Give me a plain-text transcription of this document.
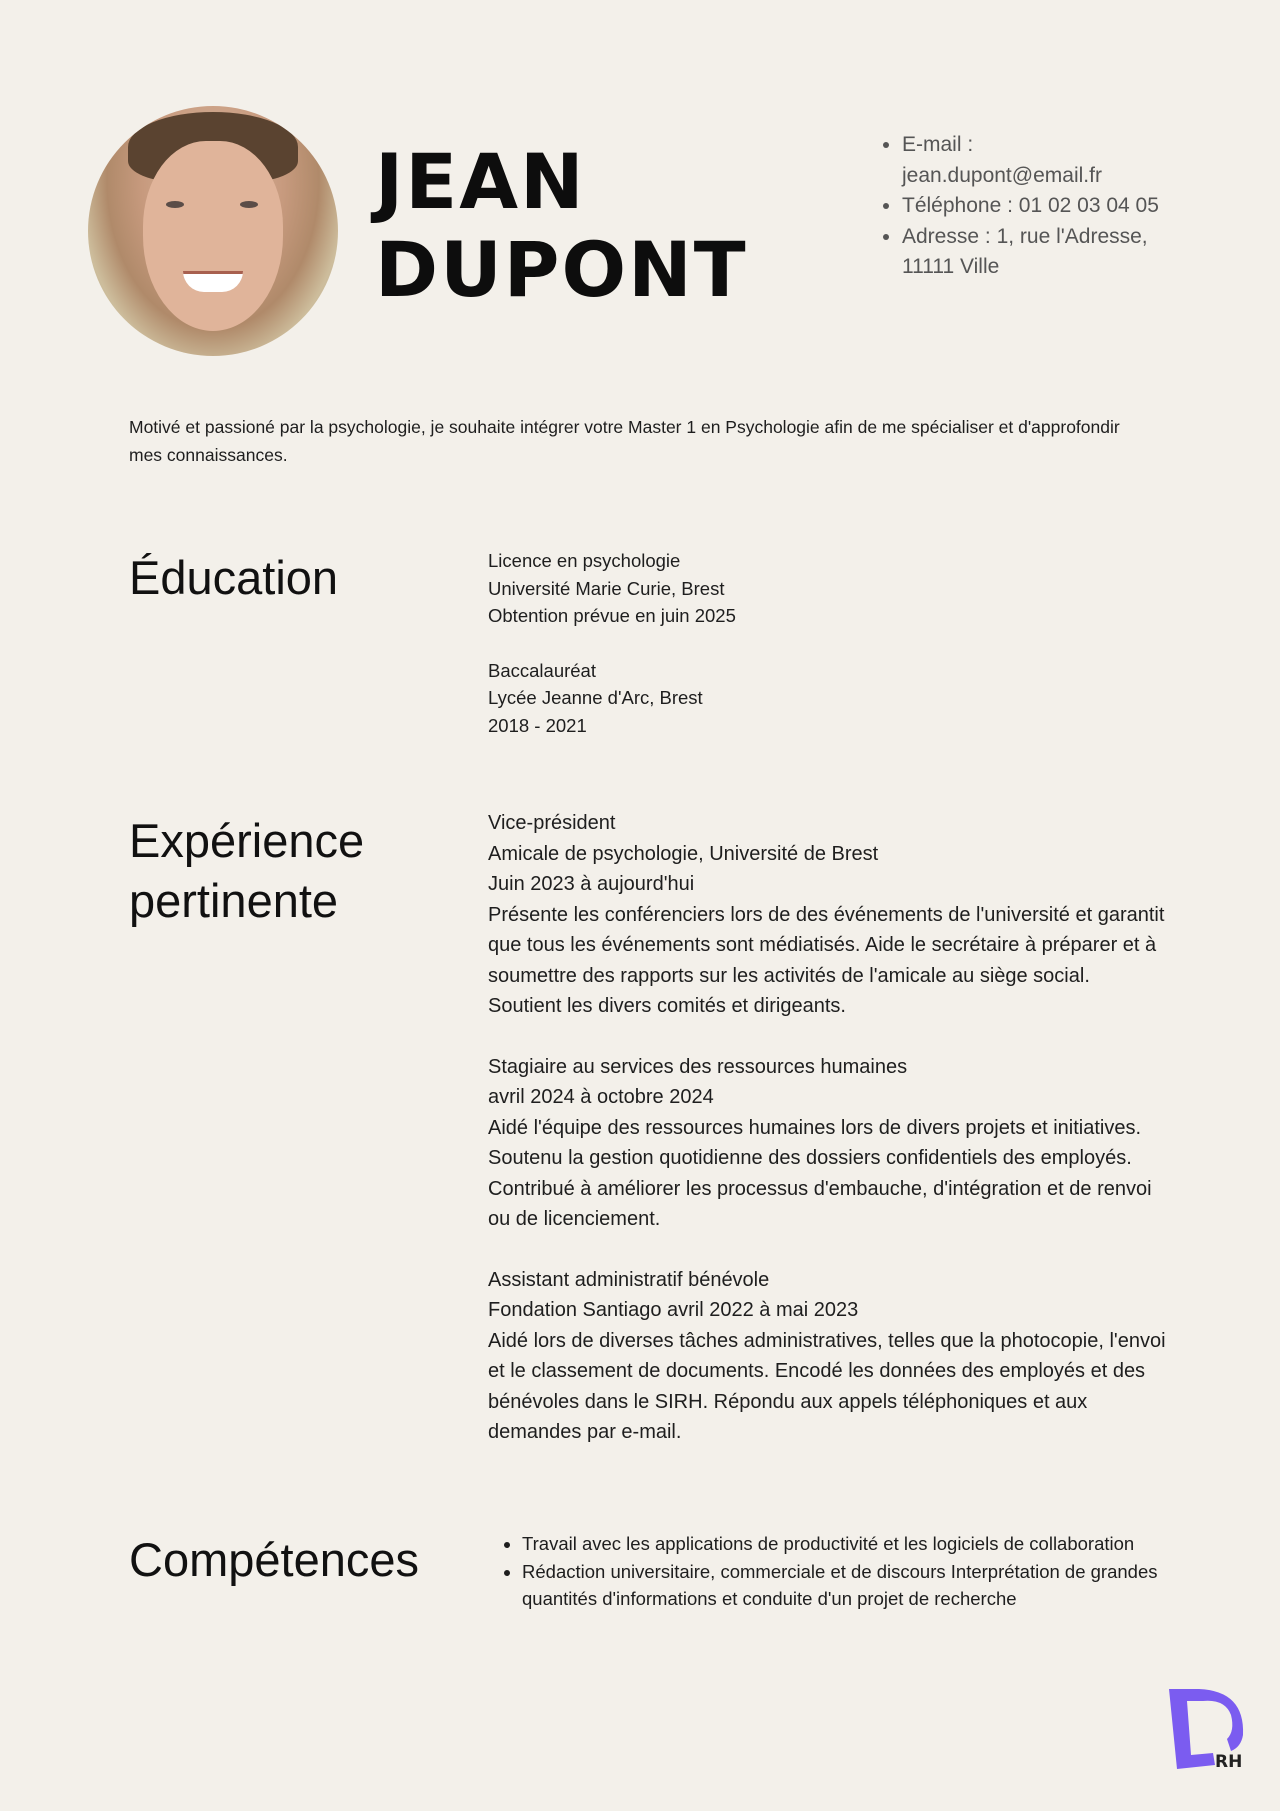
JEAN
DUPONT
• E-mail :
jean.dupont@email.fr
• Téléphone : 01 02 03 04 05
• Adresse : 1, rue l'Adresse, 11111 Ville
Motivé et passioné par la psychologie, je souhaite intégrer votre Master 1 en Psychologie afin de me spécialiser et d'approfondir mes connaissances.
Éducation	Licence en psychologie

Université Marie Curie, Brest

Obtention prévue en juin 2025

Baccalauréat

Lycée Jeanne d'Arc, Brest

2018 - 2021

Expérience
pertinente

Vice-président

Amicale de psychologie, Université de Brest

Juin 2023 à aujourd'hui

Présente les conférenciers lors de des événements de l'université et garantit que tous les événements sont médiatisés. Aide le secrétaire à préparer et à soumettre des rapports sur les activités de l'amicale au siège social. Soutient les divers comités et dirigeants.

Stagiaire au services des ressources humaines

avril 2024 à octobre 2024

Aidé l'équipe des ressources humaines lors de divers projets et initiatives. Soutenu la gestion quotidienne des dossiers confidentiels des employés. Contribué à améliorer les processus d'embauche, d'intégration et de renvoi ou de licenciement.

Assistant administratif bénévole

Fondation Santiago avril 2022 à mai 2023

Aidé lors de diverses tâches administratives, telles que la photocopie, l'envoi et le classement de documents. Encodé les données des employés et des bénévoles dans le SIRH. Répondu aux appels téléphoniques et aux demandes par e-mail.

Compétences	• Travail avec les applications de productivité et les logiciels de collaboration
• Rédaction universitaire, commerciale et de discours Interprétation de grandes quantités d'informations et conduite d'un projet de recherche
RH
